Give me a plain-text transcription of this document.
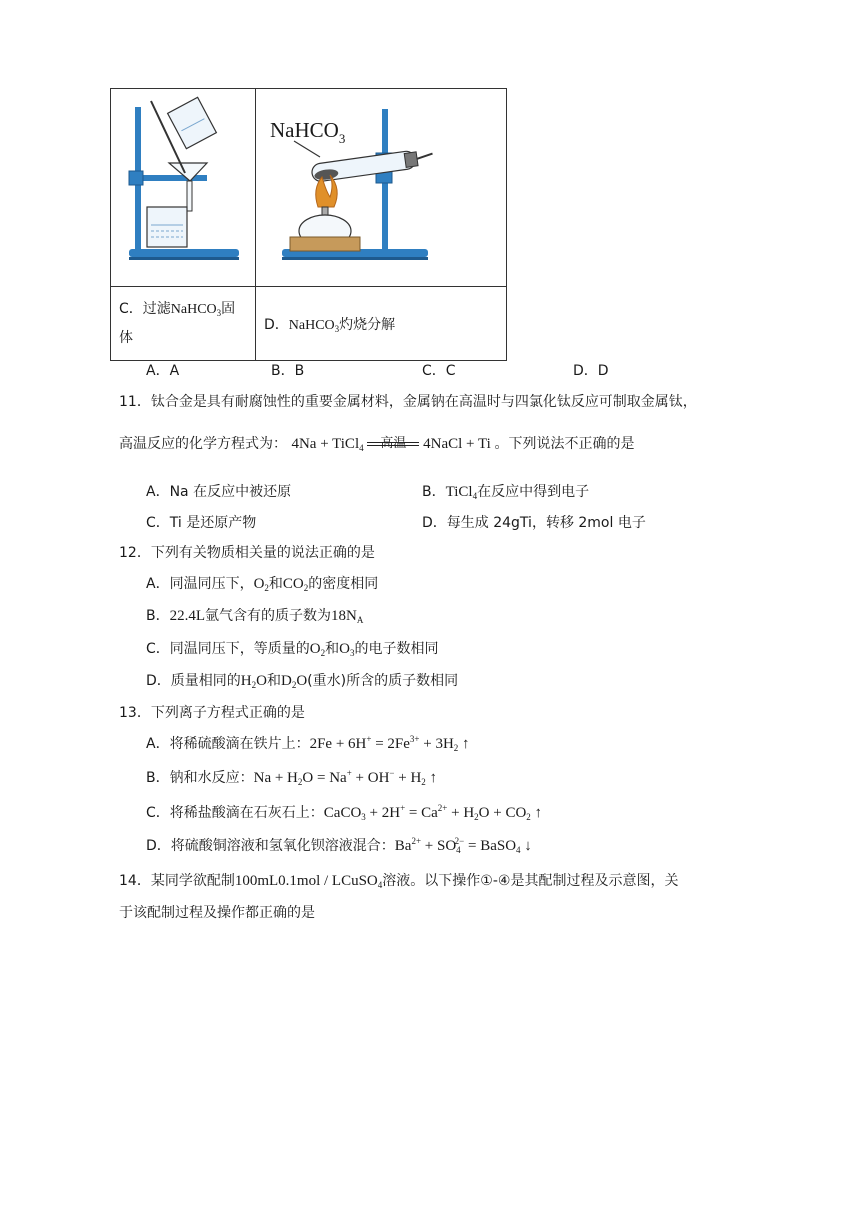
NaHCO$_3$

C．过滤NaHCO$_3$固
体	D．NaHCO$_3$灼烧分解
A．A	B．B	C．C	D．D
11．钛合金是具有耐腐蚀性的重要金属材料，金属钠在高温时与四氯化钛反应可制取金属钛，
高温反应的化学方程式为： 4Na + TiCl$_4$	高温	4NaCl + Ti 。下列说法不正确的是
A．Na 在反应中被还原	B．TiCl$_4$在反应中得到电子
C．Ti 是还原产物	D．每生成 24gTi，转移 2mol 电子
12．下列有关物质相关量的说法正确的是
A．同温同压下，$O_2$和$CO_2$的密度相同
B．22.4L氩气含有的质子数为$18N_A$
C．同温同压下，等质量的$O_2$和$O_3$的电子数相同
D．质量相同的$H_2O$和$D_2O$(重水)所含的质子数相同
13．下列离子方程式正确的是
A．将稀硫酸滴在铁片上：$2Fe + 6H^+ = 2Fe^{3+} + 3H_2$ ↑
B．钠和水反应：$Na + H_2O = Na^+ + OH^- + H_2$ ↑
C．将稀盐酸滴在石灰石上：CaCO$_3$ + $2H^+ = Ca^{2+} + H_2O + CO_2$ ↑
D．将硫酸铜溶液和氢氧化钡溶液混合：$Ba^{2+} + SO_4^{2-}$ = BaSO$_4$ ↓
14．某同学欲配制100mL0.1mol / LCuSO$_4$溶液。以下操作①-④是其配制过程及示意图，关
于该配制过程及操作都正确的是
